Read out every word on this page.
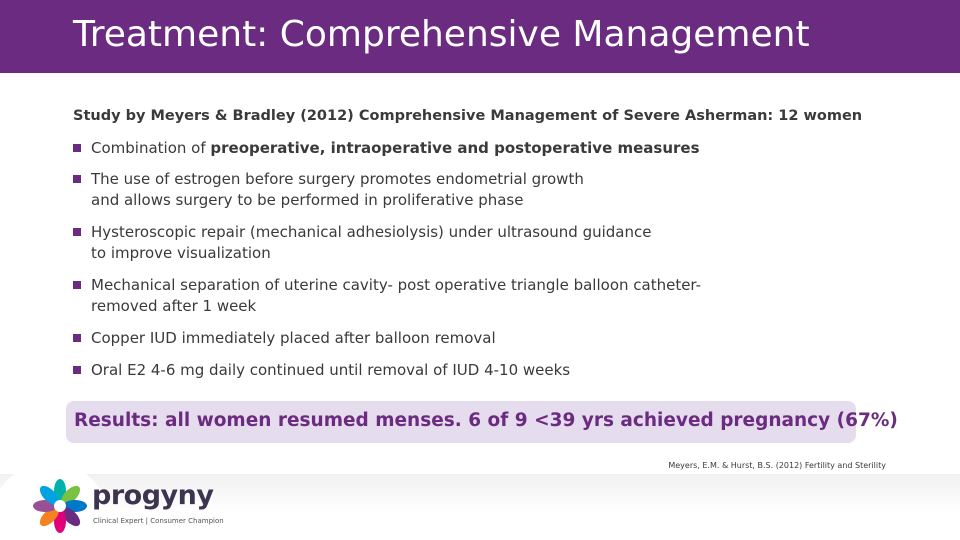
Treatment: Comprehensive Management
Study by Meyers & Bradley (2012) Comprehensive Management of Severe Asherman: 12 women
Combination of preoperative, intraoperative and postoperative measures
The use of estrogen before surgery promotes endometrial growth
and allows surgery to be performed in proliferative phase
Hysteroscopic repair (mechanical adhesiolysis) under ultrasound guidance
to improve visualization
Mechanical separation of uterine cavity- post operative triangle balloon catheter-
removed after 1 week
Copper IUD immediately placed after balloon removal
Oral E2 4-6 mg daily continued until removal of IUD 4-10 weeks
Results: all women resumed menses. 6 of 9 <39 yrs achieved pregnancy (67%)
Meyers, E.M. & Hurst, B.S. (2012) Fertility and Sterility
progyny
Clinical Expert | Consumer Champion
